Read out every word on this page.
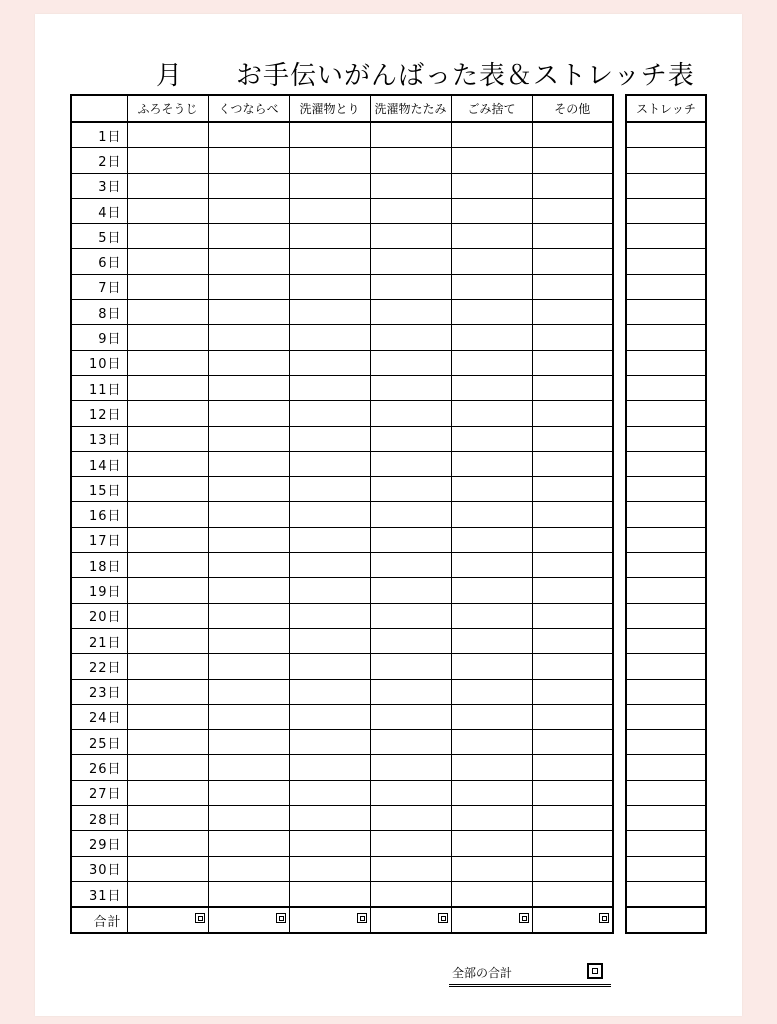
月 お手伝いがんばった表＆ストレッチ表
	ふろそうじ	くつならべ	洗濯物とり	洗濯物たたみ	ごみ捨て	その他
1日						
2日						
3日						
4日						
5日						
6日						
7日						
8日						
9日						
10日						
11日						
12日						
13日						
14日						
15日						
16日						
17日						
18日						
19日						
20日						
21日						
22日						
23日						
24日						
25日						
26日						
27日						
28日						
29日						
30日						
31日						
合計	

ストレッチ

全部の合計
